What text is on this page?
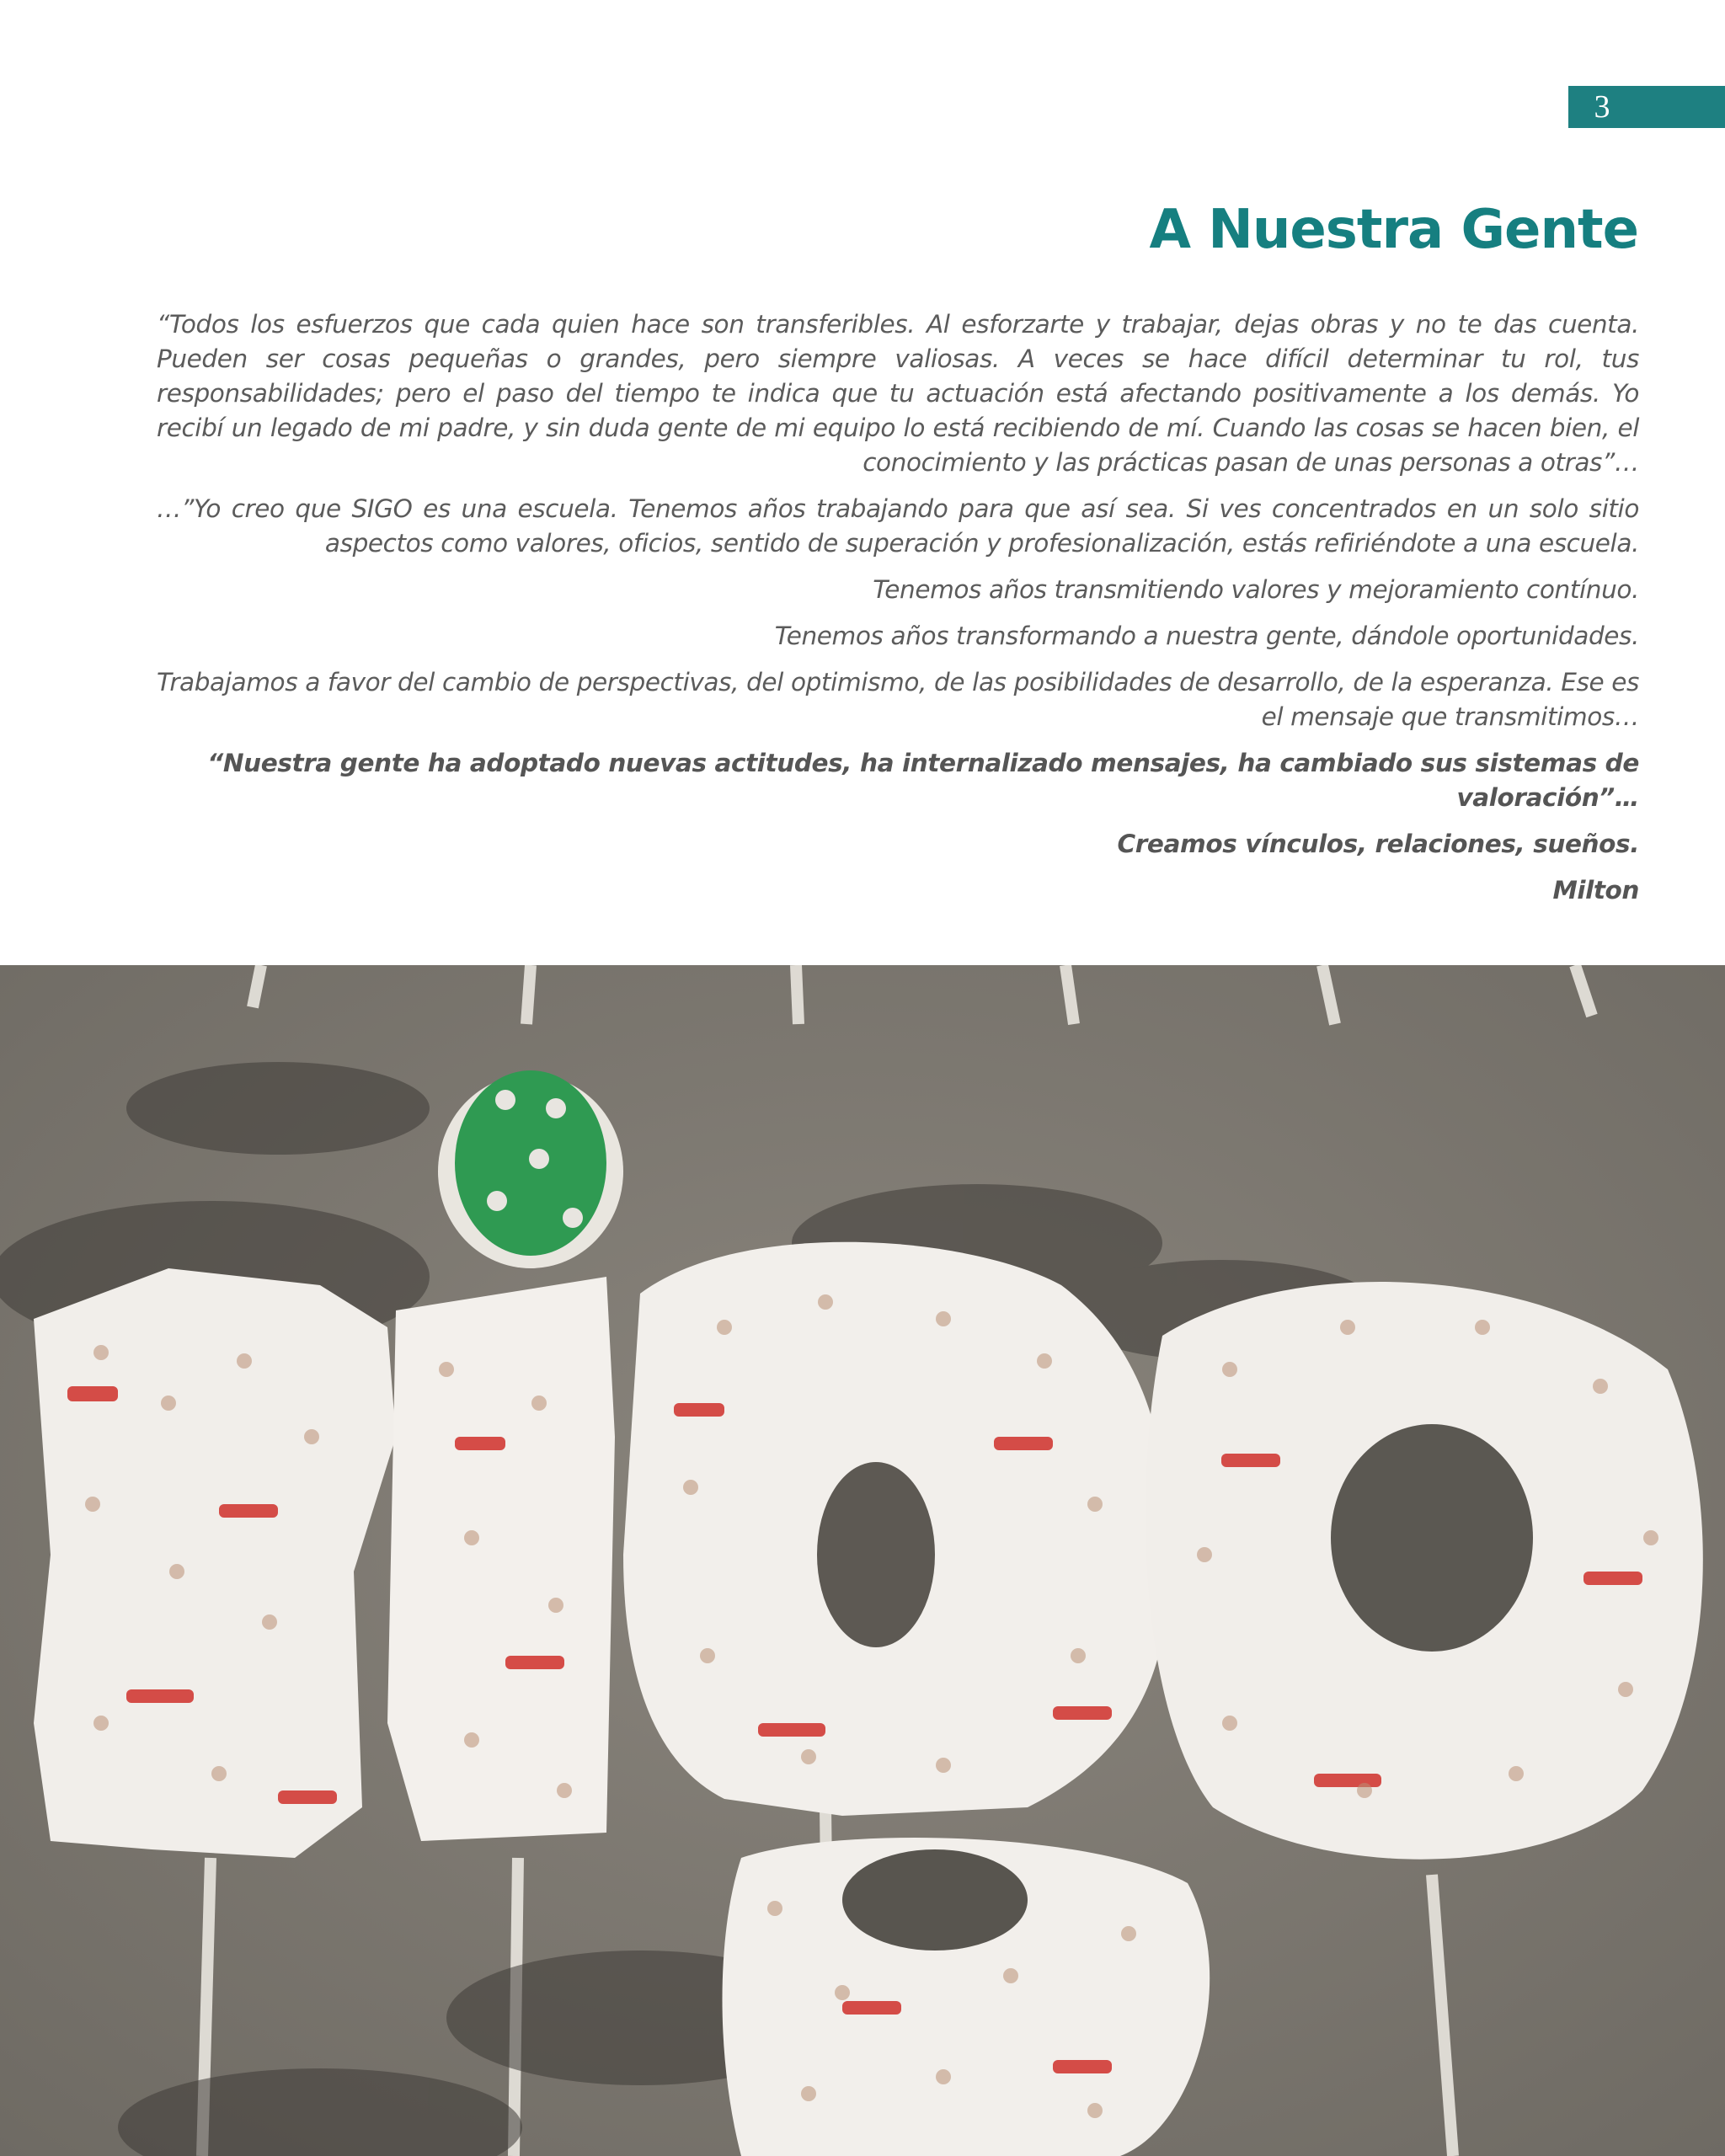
3
A Nuestra Gente

“Todos los esfuerzos que cada quien hace son transferibles. Al esforzarte y trabajar, dejas obras y no te das cuenta. Pueden ser cosas pequeñas o grandes, pero siempre valiosas. A veces se hace difícil determinar tu rol, tus responsabilidades; pero el paso del tiempo te indica que tu actuación está afectando positivamente a los demás. Yo recibí un legado de mi padre, y sin duda gente de mi equipo lo está recibiendo de mí. Cuando las cosas se hacen bien, el conocimiento y las prácticas pasan de unas personas a otras”…

…”Yo creo que SIGO es una escuela. Tenemos años trabajando para que así sea. Si ves concentrados en un solo sitio aspectos como valores, oficios, sentido de superación y profesionalización, estás refiriéndote a una escuela.

Tenemos años transmitiendo valores y mejoramiento contínuo.

Tenemos años transformando a nuestra gente, dándole oportunidades.

Trabajamos a favor del cambio de perspectivas, del optimismo, de las posibilidades de desarrollo, de la esperanza. Ese es el mensaje que transmitimos…

“Nuestra gente ha adoptado nuevas actitudes, ha internalizado mensajes, ha cambiado sus sistemas de valoración”…

Creamos vínculos, relaciones, sueños.

Milton
